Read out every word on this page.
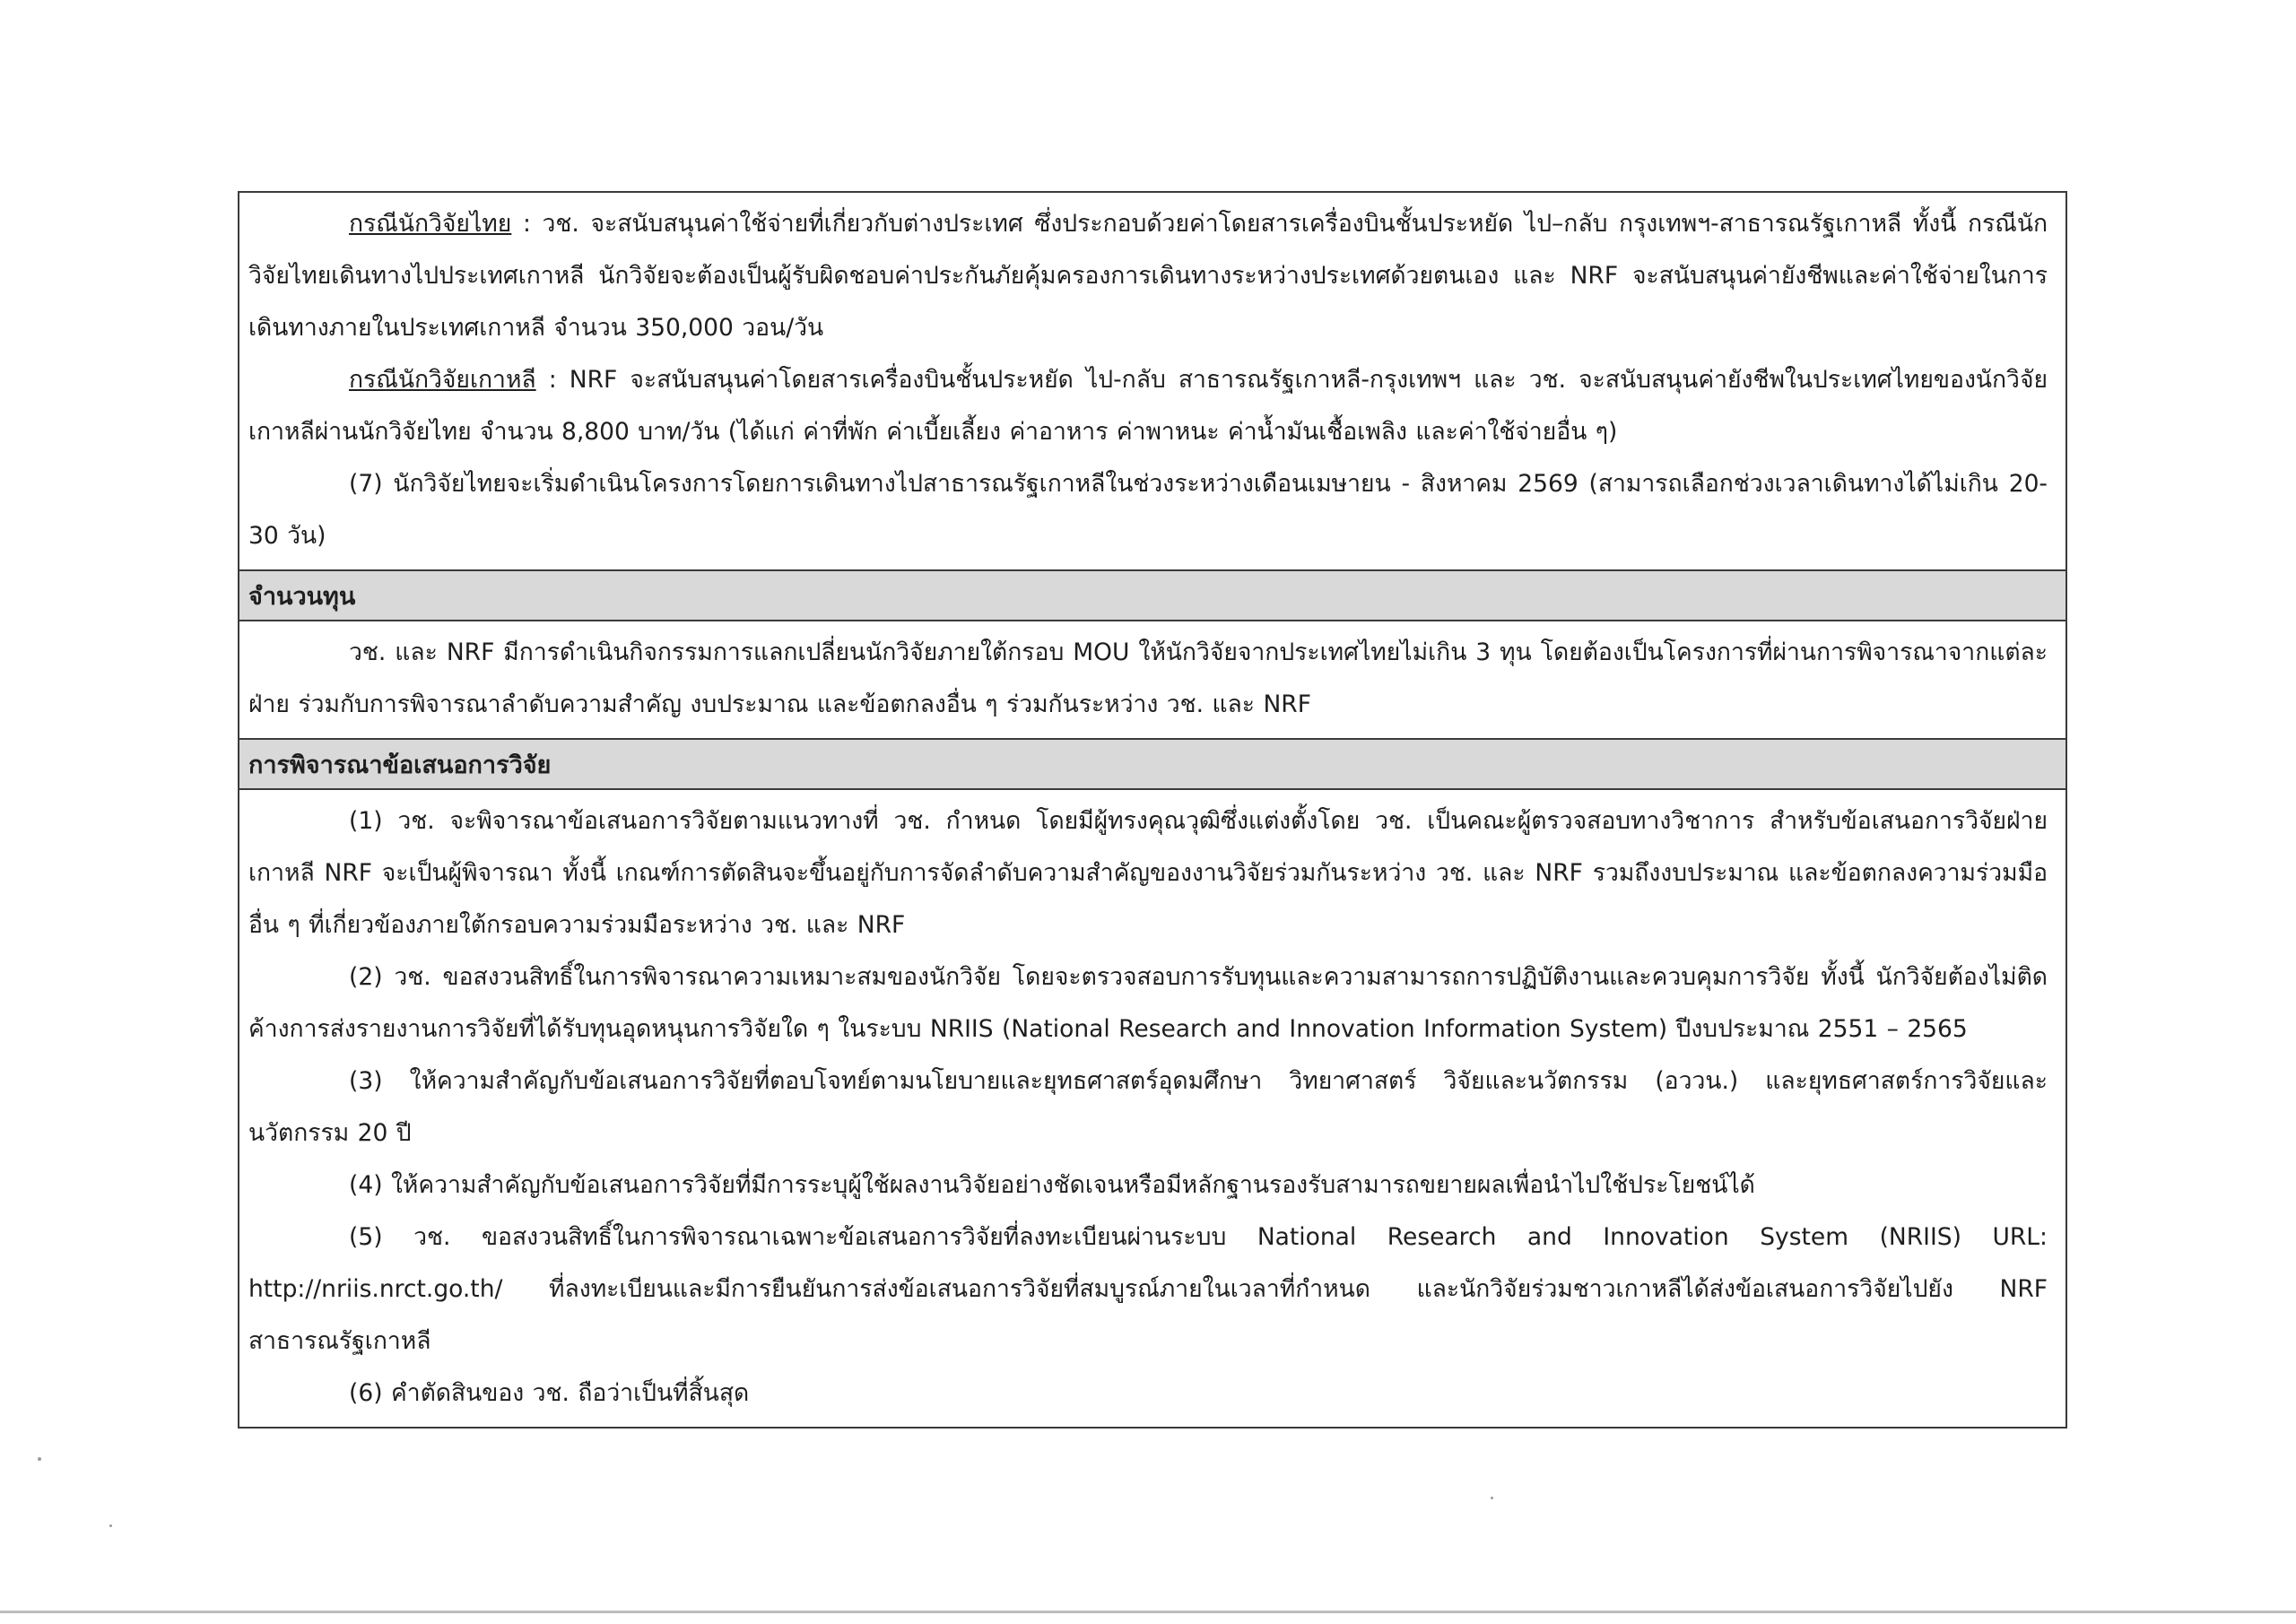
กรณีนักวิจัยไทย : วช. จะสนับสนุนค่าใช้จ่ายที่เกี่ยวกับต่างประเทศ ซึ่งประกอบด้วยค่าโดยสารเครื่องบินชั้นประหยัด ไป–กลับ กรุงเทพฯ-สาธารณรัฐเกาหลี ทั้งนี้ กรณีนักวิจัยไทยเดินทางไปประเทศเกาหลี นักวิจัยจะต้องเป็นผู้รับผิดชอบค่าประกันภัยคุ้มครองการเดินทางระหว่างประเทศด้วยตนเอง และ NRF จะสนับสนุนค่ายังชีพและค่าใช้จ่ายในการเดินทางภายในประเทศเกาหลี จำนวน 350,000 วอน/วัน

กรณีนักวิจัยเกาหลี : NRF จะสนับสนุนค่าโดยสารเครื่องบินชั้นประหยัด ไป-กลับ สาธารณรัฐเกาหลี-กรุงเทพฯ และ วช. จะสนับสนุนค่ายังชีพในประเทศไทยของนักวิจัยเกาหลีผ่านนักวิจัยไทย จำนวน 8,800 บาท/วัน (ได้แก่ ค่าที่พัก ค่าเบี้ยเลี้ยง ค่าอาหาร ค่าพาหนะ ค่าน้ำมันเชื้อเพลิง และค่าใช้จ่ายอื่น ๆ)

(7) นักวิจัยไทยจะเริ่มดำเนินโครงการโดยการเดินทางไปสาธารณรัฐเกาหลีในช่วงระหว่างเดือนเมษายน - สิงหาคม 2569 (สามารถเลือกช่วงเวลาเดินทางได้ไม่เกิน 20-30 วัน)

จำนวนทุน

วช. และ NRF มีการดำเนินกิจกรรมการแลกเปลี่ยนนักวิจัยภายใต้กรอบ MOU ให้นักวิจัยจากประเทศไทยไม่เกิน 3 ทุน โดยต้องเป็นโครงการที่ผ่านการพิจารณาจากแต่ละฝ่าย ร่วมกับการพิจารณาลำดับความสำคัญ งบประมาณ และข้อตกลงอื่น ๆ ร่วมกันระหว่าง วช. และ NRF

การพิจารณาข้อเสนอการวิจัย

(1) วช. จะพิจารณาข้อเสนอการวิจัยตามแนวทางที่ วช. กำหนด โดยมีผู้ทรงคุณวุฒิซึ่งแต่งตั้งโดย วช. เป็นคณะผู้ตรวจสอบทางวิชาการ สำหรับข้อเสนอการวิจัยฝ่ายเกาหลี NRF จะเป็นผู้พิจารณา ทั้งนี้ เกณฑ์การตัดสินจะขึ้นอยู่กับการจัดลำดับความสำคัญของงานวิจัยร่วมกันระหว่าง วช. และ NRF รวมถึงงบประมาณ และข้อตกลงความร่วมมืออื่น ๆ ที่เกี่ยวข้องภายใต้กรอบความร่วมมือระหว่าง วช. และ NRF

(2) วช. ขอสงวนสิทธิ์ในการพิจารณาความเหมาะสมของนักวิจัย โดยจะตรวจสอบการรับทุนและความสามารถการปฏิบัติงานและควบคุมการวิจัย ทั้งนี้ นักวิจัยต้องไม่ติดค้างการส่งรายงานการวิจัยที่ได้รับทุนอุดหนุนการวิจัยใด ๆ ในระบบ NRIIS (National Research and Innovation Information System) ปีงบประมาณ 2551 – 2565

(3) ให้ความสำคัญกับข้อเสนอการวิจัยที่ตอบโจทย์ตามนโยบายและยุทธศาสตร์อุดมศึกษา วิทยาศาสตร์ วิจัยและนวัตกรรม (อววน.) และยุทธศาสตร์การวิจัยและนวัตกรรม 20 ปี

(4) ให้ความสำคัญกับข้อเสนอการวิจัยที่มีการระบุผู้ใช้ผลงานวิจัยอย่างชัดเจนหรือมีหลักฐานรองรับสามารถขยายผลเพื่อนำไปใช้ประโยชน์ได้

(5) วช. ขอสงวนสิทธิ์ในการพิจารณาเฉพาะข้อเสนอการวิจัยที่ลงทะเบียนผ่านระบบ National Research and Innovation System (NRIIS) URL: http://nriis.nrct.go.th/ ที่ลงทะเบียนและมีการยืนยันการส่งข้อเสนอการวิจัยที่สมบูรณ์ภายในเวลาที่กำหนด และนักวิจัยร่วมชาวเกาหลีได้ส่งข้อเสนอการวิจัยไปยัง NRF สาธารณรัฐเกาหลี

(6) คำตัดสินของ วช. ถือว่าเป็นที่สิ้นสุด
